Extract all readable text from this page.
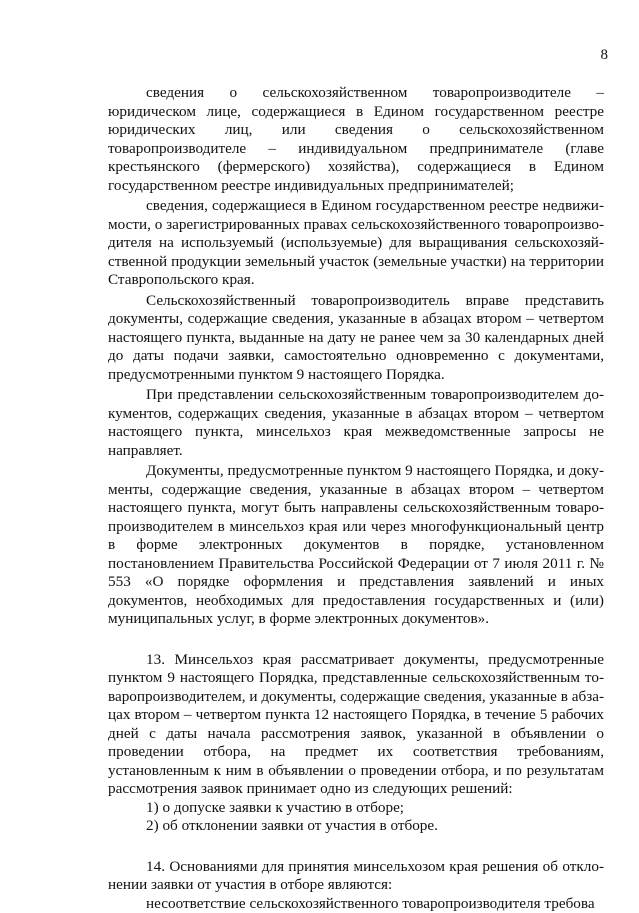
8

сведения о сельскохозяйственном товаропроизводителе – юридическом лице, содержащиеся в Едином государственном реестре юридических лиц, или сведения о сельскохозяйственном товаропроизводителе – индивидуальном предпринимателе (главе крестьянского (фермерского) хозяйства), содержащиеся в Едином государственном реестре индивидуальных предпринимателей;

сведения, содержащиеся в Едином государственном реестре недвижимости, о зарегистрированных правах сельскохозяйственного товаропроизводителя на используемый (используемые) для выращивания сельскохозяйственной продукции земельный участок (земельные участки) на территории Ставропольского края.

Сельскохозяйственный товаропроизводитель вправе представить документы, содержащие сведения, указанные в абзацах втором – четвертом настоящего пункта, выданные на дату не ранее чем за 30 календарных дней до даты подачи заявки, самостоятельно одновременно с документами, предусмотренными пунктом 9 настоящего Порядка.

При представлении сельскохозяйственным товаропроизводителем документов, содержащих сведения, указанные в абзацах втором – четвертом настоящего пункта, минсельхоз края межведомственные запросы не направляет.

Документы, предусмотренные пунктом 9 настоящего Порядка, и документы, содержащие сведения, указанные в абзацах втором – четвертом настоящего пункта, могут быть направлены сельскохозяйственным товаропроизводителем в минсельхоз края или через многофункциональный центр в форме электронных документов в порядке, установленном постановлением Правительства Российской Федерации от 7 июля 2011 г. № 553 «О порядке оформления и представления заявлений и иных документов, необходимых для предоставления государственных и (или) муниципальных услуг, в форме электронных документов».

13. Минсельхоз края рассматривает документы, предусмотренные пунктом 9 настоящего Порядка, представленные сельскохозяйственным товаропроизводителем, и документы, содержащие сведения, указанные в абзацах втором – четвертом пункта 12 настоящего Порядка, в течение 5 рабочих дней с даты начала рассмотрения заявок, указанной в объявлении о проведении отбора, на предмет их соответствия требованиям, установленным к ним в объявлении о проведении отбора, и по результатам рассмотрения заявок принимает одно из следующих решений:

1) о допуске заявки к участию в отборе;

2) об отклонении заявки от участия в отборе.

14. Основаниями для принятия минсельхозом края решения об отклонении заявки от участия в отборе являются:

несоответствие сельскохозяйственного товаропроизводителя требова
